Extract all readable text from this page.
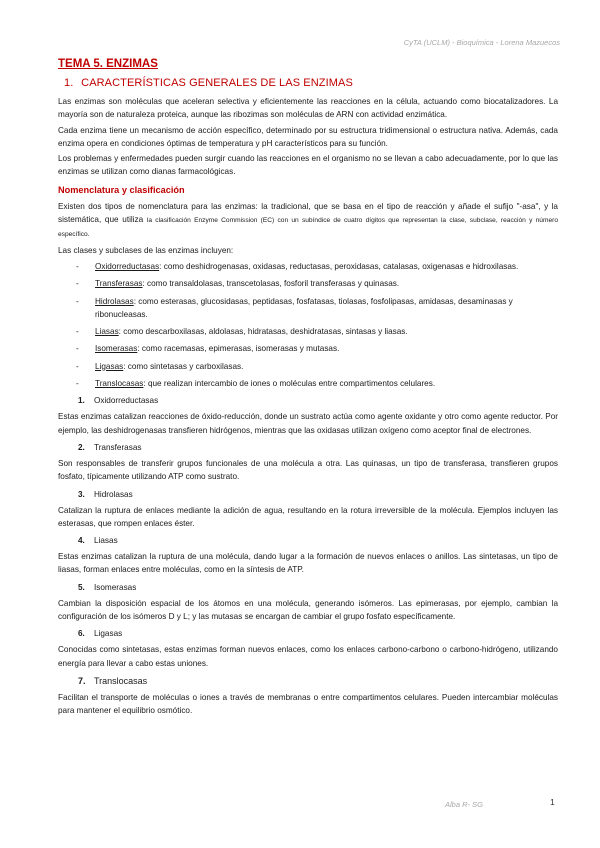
CyTA (UCLM) - Bioquímica - Lorena Mazuecos
TEMA 5. ENZIMAS
1. CARACTERÍSTICAS GENERALES DE LAS ENZIMAS

Las enzimas son moléculas que aceleran selectiva y eficientemente las reacciones en la célula, actuando como biocatalizadores. La mayoría son de naturaleza proteica, aunque las ribozimas son moléculas de ARN con actividad enzimática.

Cada enzima tiene un mecanismo de acción específico, determinado por su estructura tridimensional o estructura nativa. Además, cada enzima opera en condiciones óptimas de temperatura y pH característicos para su función.

Los problemas y enfermedades pueden surgir cuando las reacciones en el organismo no se llevan a cabo adecuadamente, por lo que las enzimas se utilizan como dianas farmacológicas.

Nomenclatura y clasificación

Existen dos tipos de nomenclatura para las enzimas: la tradicional, que se basa en el tipo de reacción y añade el sufijo "-asa", y la sistemática, que utiliza la clasificación Enzyme Commission (EC) con un subíndice de cuatro dígitos que representan la clase, subclase, reacción y número específico.

Las clases y subclases de las enzimas incluyen:

- Oxidorreductasas: como deshidrogenasas, oxidasas, reductasas, peroxidasas, catalasas, oxigenasas e hidroxilasas.
- Transferasas: como transaldolasas, transcetolasas, fosforil transferasas y quinasas.
- Hidrolasas: como esterasas, glucosidasas, peptidasas, fosfatasas, tiolasas, fosfolipasas, amidasas, desaminasas y ribonucleasas.
- Liasas: como descarboxilasas, aldolasas, hidratasas, deshidratasas, sintasas y liasas.
- Isomerasas: como racemasas, epimerasas, isomerasas y mutasas.
- Ligasas: como sintetasas y carboxilasas.
- Translocasas: que realizan intercambio de iones o moléculas entre compartimentos celulares.
1. Oxidorreductasas

Estas enzimas catalizan reacciones de óxido-reducción, donde un sustrato actúa como agente oxidante y otro como agente reductor. Por ejemplo, las deshidrogenasas transfieren hidrógenos, mientras que las oxidasas utilizan oxígeno como aceptor final de electrones.

2. Transferasas

Son responsables de transferir grupos funcionales de una molécula a otra. Las quinasas, un tipo de transferasa, transfieren grupos fosfato, típicamente utilizando ATP como sustrato.

3. Hidrolasas

Catalizan la ruptura de enlaces mediante la adición de agua, resultando en la rotura irreversible de la molécula. Ejemplos incluyen las esterasas, que rompen enlaces éster.

4. Liasas

Estas enzimas catalizan la ruptura de una molécula, dando lugar a la formación de nuevos enlaces o anillos. Las sintetasas, un tipo de liasas, forman enlaces entre moléculas, como en la síntesis de ATP.

5. Isomerasas

Cambian la disposición espacial de los átomos en una molécula, generando isómeros. Las epimerasas, por ejemplo, cambian la configuración de los isómeros D y L; y las mutasas se encargan de cambiar el grupo fosfato específicamente.

6. Ligasas

Conocidas como sintetasas, estas enzimas forman nuevos enlaces, como los enlaces carbono-carbono o carbono-hidrógeno, utilizando energía para llevar a cabo estas uniones.

7. Translocasas

Facilitan el transporte de moléculas o iones a través de membranas o entre compartimentos celulares. Pueden intercambiar moléculas para mantener el equilibrio osmótico.

Alba R- SG	1
